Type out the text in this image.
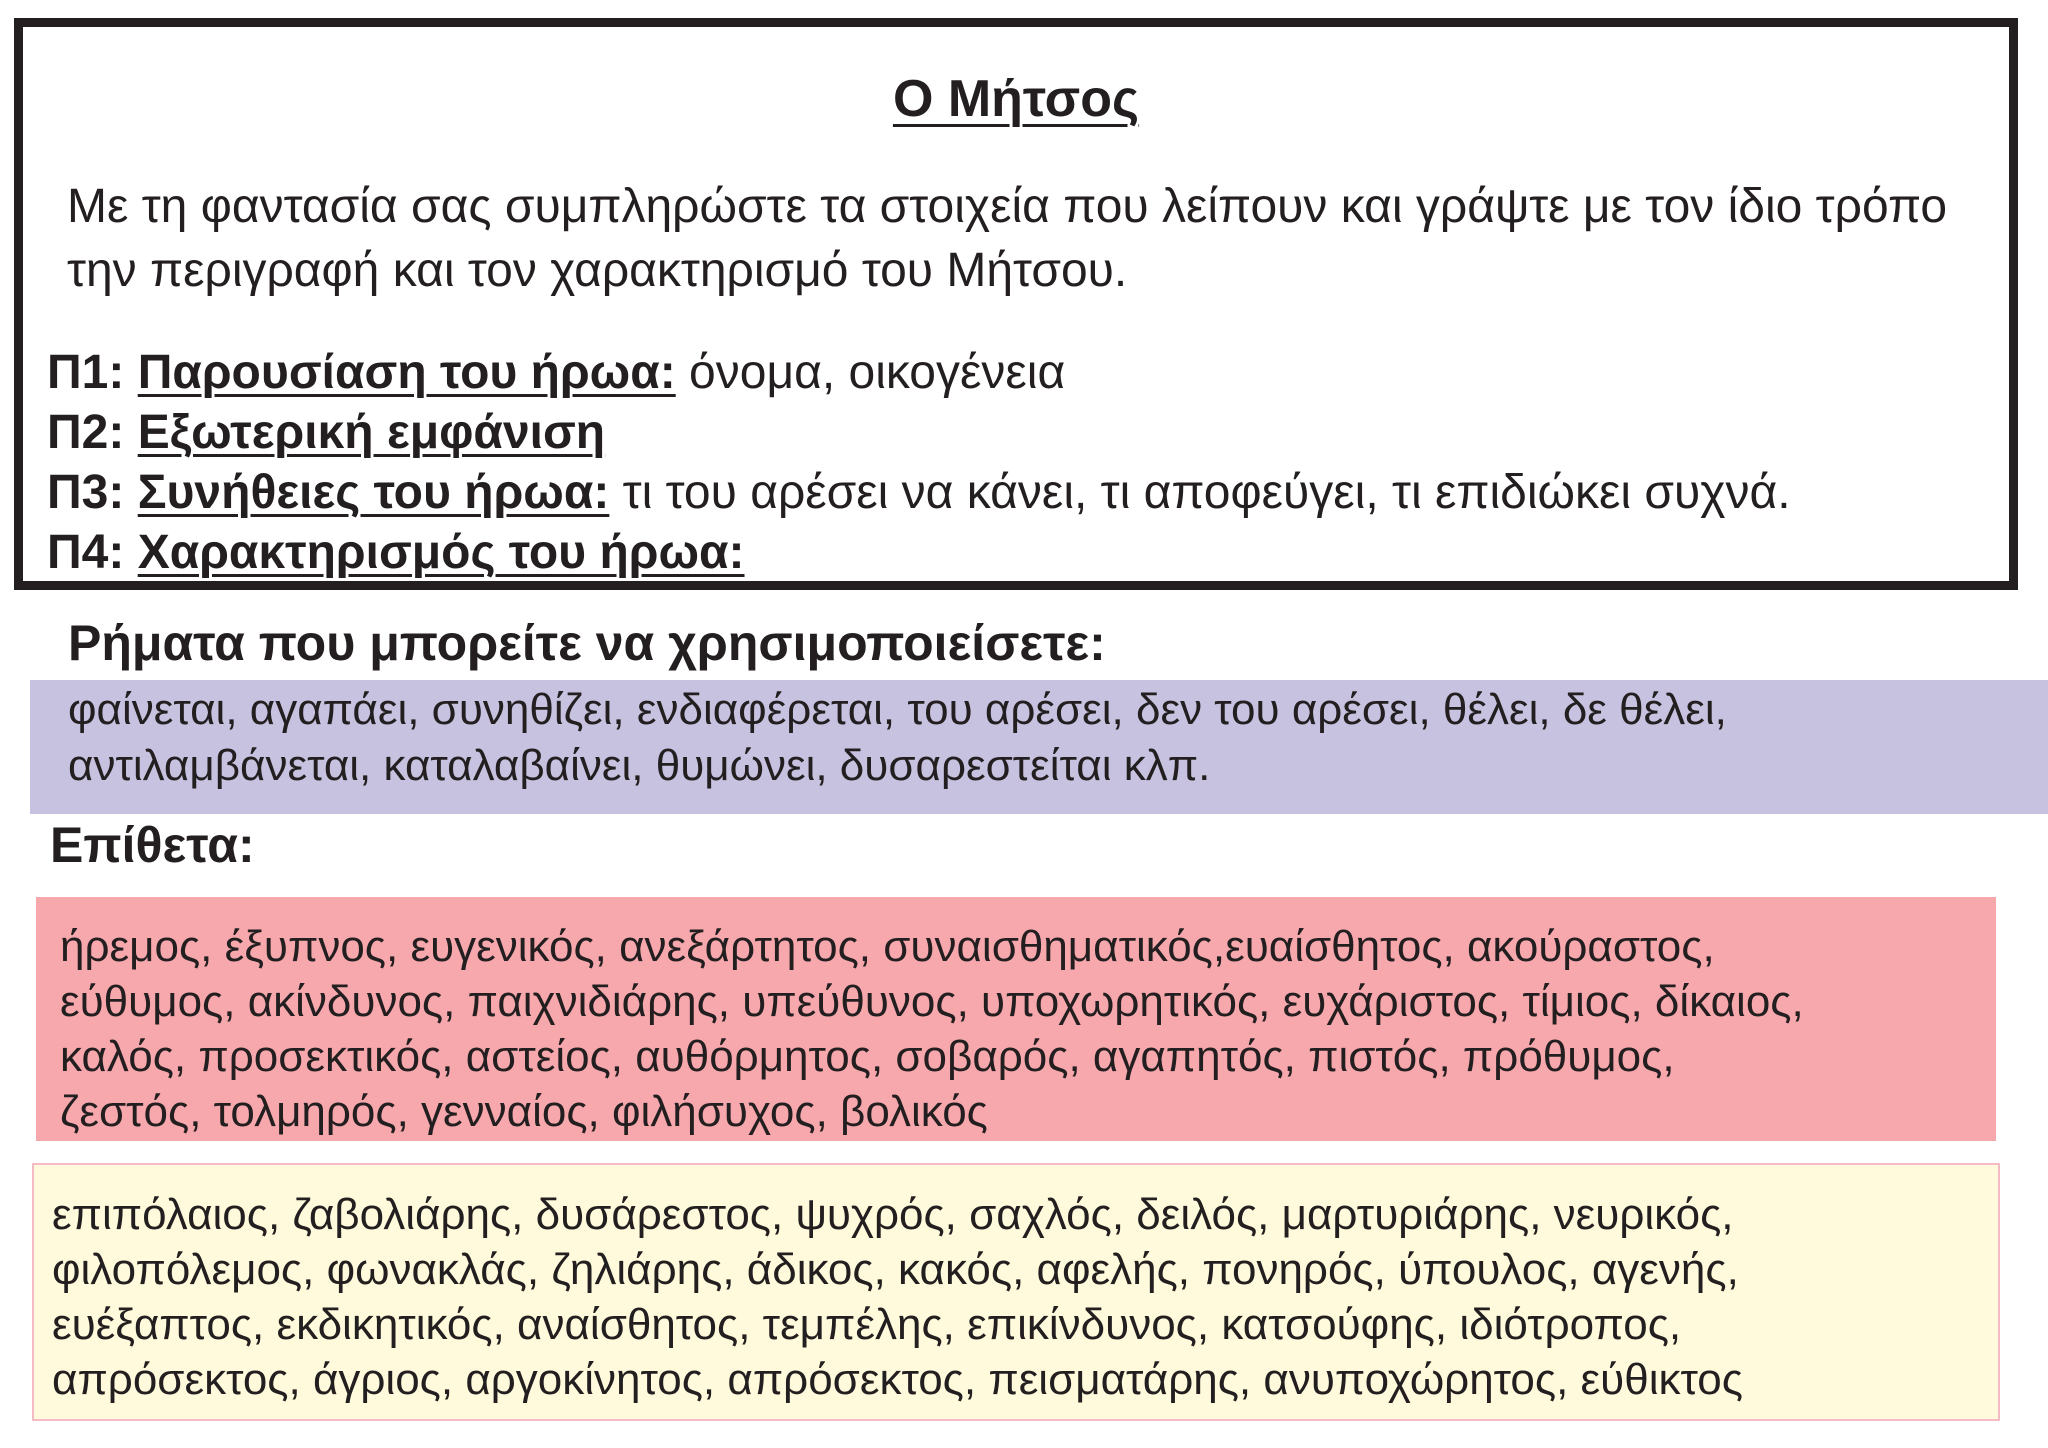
Ο Μήτσος

Με τη φαντασία σας συμπληρώστε τα στοιχεία που λείπουν και γράψτε με τον ίδιο τρόπο την περιγραφή και τον χαρακτηρισμό του Μήτσου.

Π1: Παρουσίαση του ήρωα: όνομα, οικογένεια
Π2: Εξωτερική εμφάνιση
Π3: Συνήθειες του ήρωα: τι του αρέσει να κάνει, τι αποφεύγει, τι επιδιώκει συχνά.
Π4: Χαρακτηρισμός του ήρωα:
Ρήματα που μπορείτε να χρησιμοποιείσετε:
φαίνεται, αγαπάει, συνηθίζει, ενδιαφέρεται, του αρέσει, δεν του αρέσει, θέλει, δε θέλει,
αντιλαμβάνεται, καταλαβαίνει, θυμώνει, δυσαρεστείται κλπ.
Επίθετα:
ήρεμος, έξυπνος, ευγενικός, ανεξάρτητος, συναισθηματικός,ευαίσθητος, ακούραστος,
εύθυμος, ακίνδυνος, παιχνιδιάρης, υπεύθυνος, υποχωρητικός, ευχάριστος, τίμιος, δίκαιος,
καλός, προσεκτικός, αστείος, αυθόρμητος, σοβαρός, αγαπητός, πιστός, πρόθυμος,
ζεστός, τολμηρός, γενναίος, φιλήσυχος, βολικός
επιπόλαιος, ζαβολιάρης, δυσάρεστος, ψυχρός, σαχλός, δειλός, μαρτυριάρης, νευρικός,
φιλοπόλεμος, φωνακλάς, ζηλιάρης, άδικος, κακός, αφελής, πονηρός, ύπουλος, αγενής,
ευέξαπτος, εκδικητικός, αναίσθητος, τεμπέλης, επικίνδυνος, κατσούφης, ιδιότροπος,
απρόσεκτος, άγριος, αργοκίνητος, απρόσεκτος, πεισματάρης, ανυποχώρητος, εύθικτος
